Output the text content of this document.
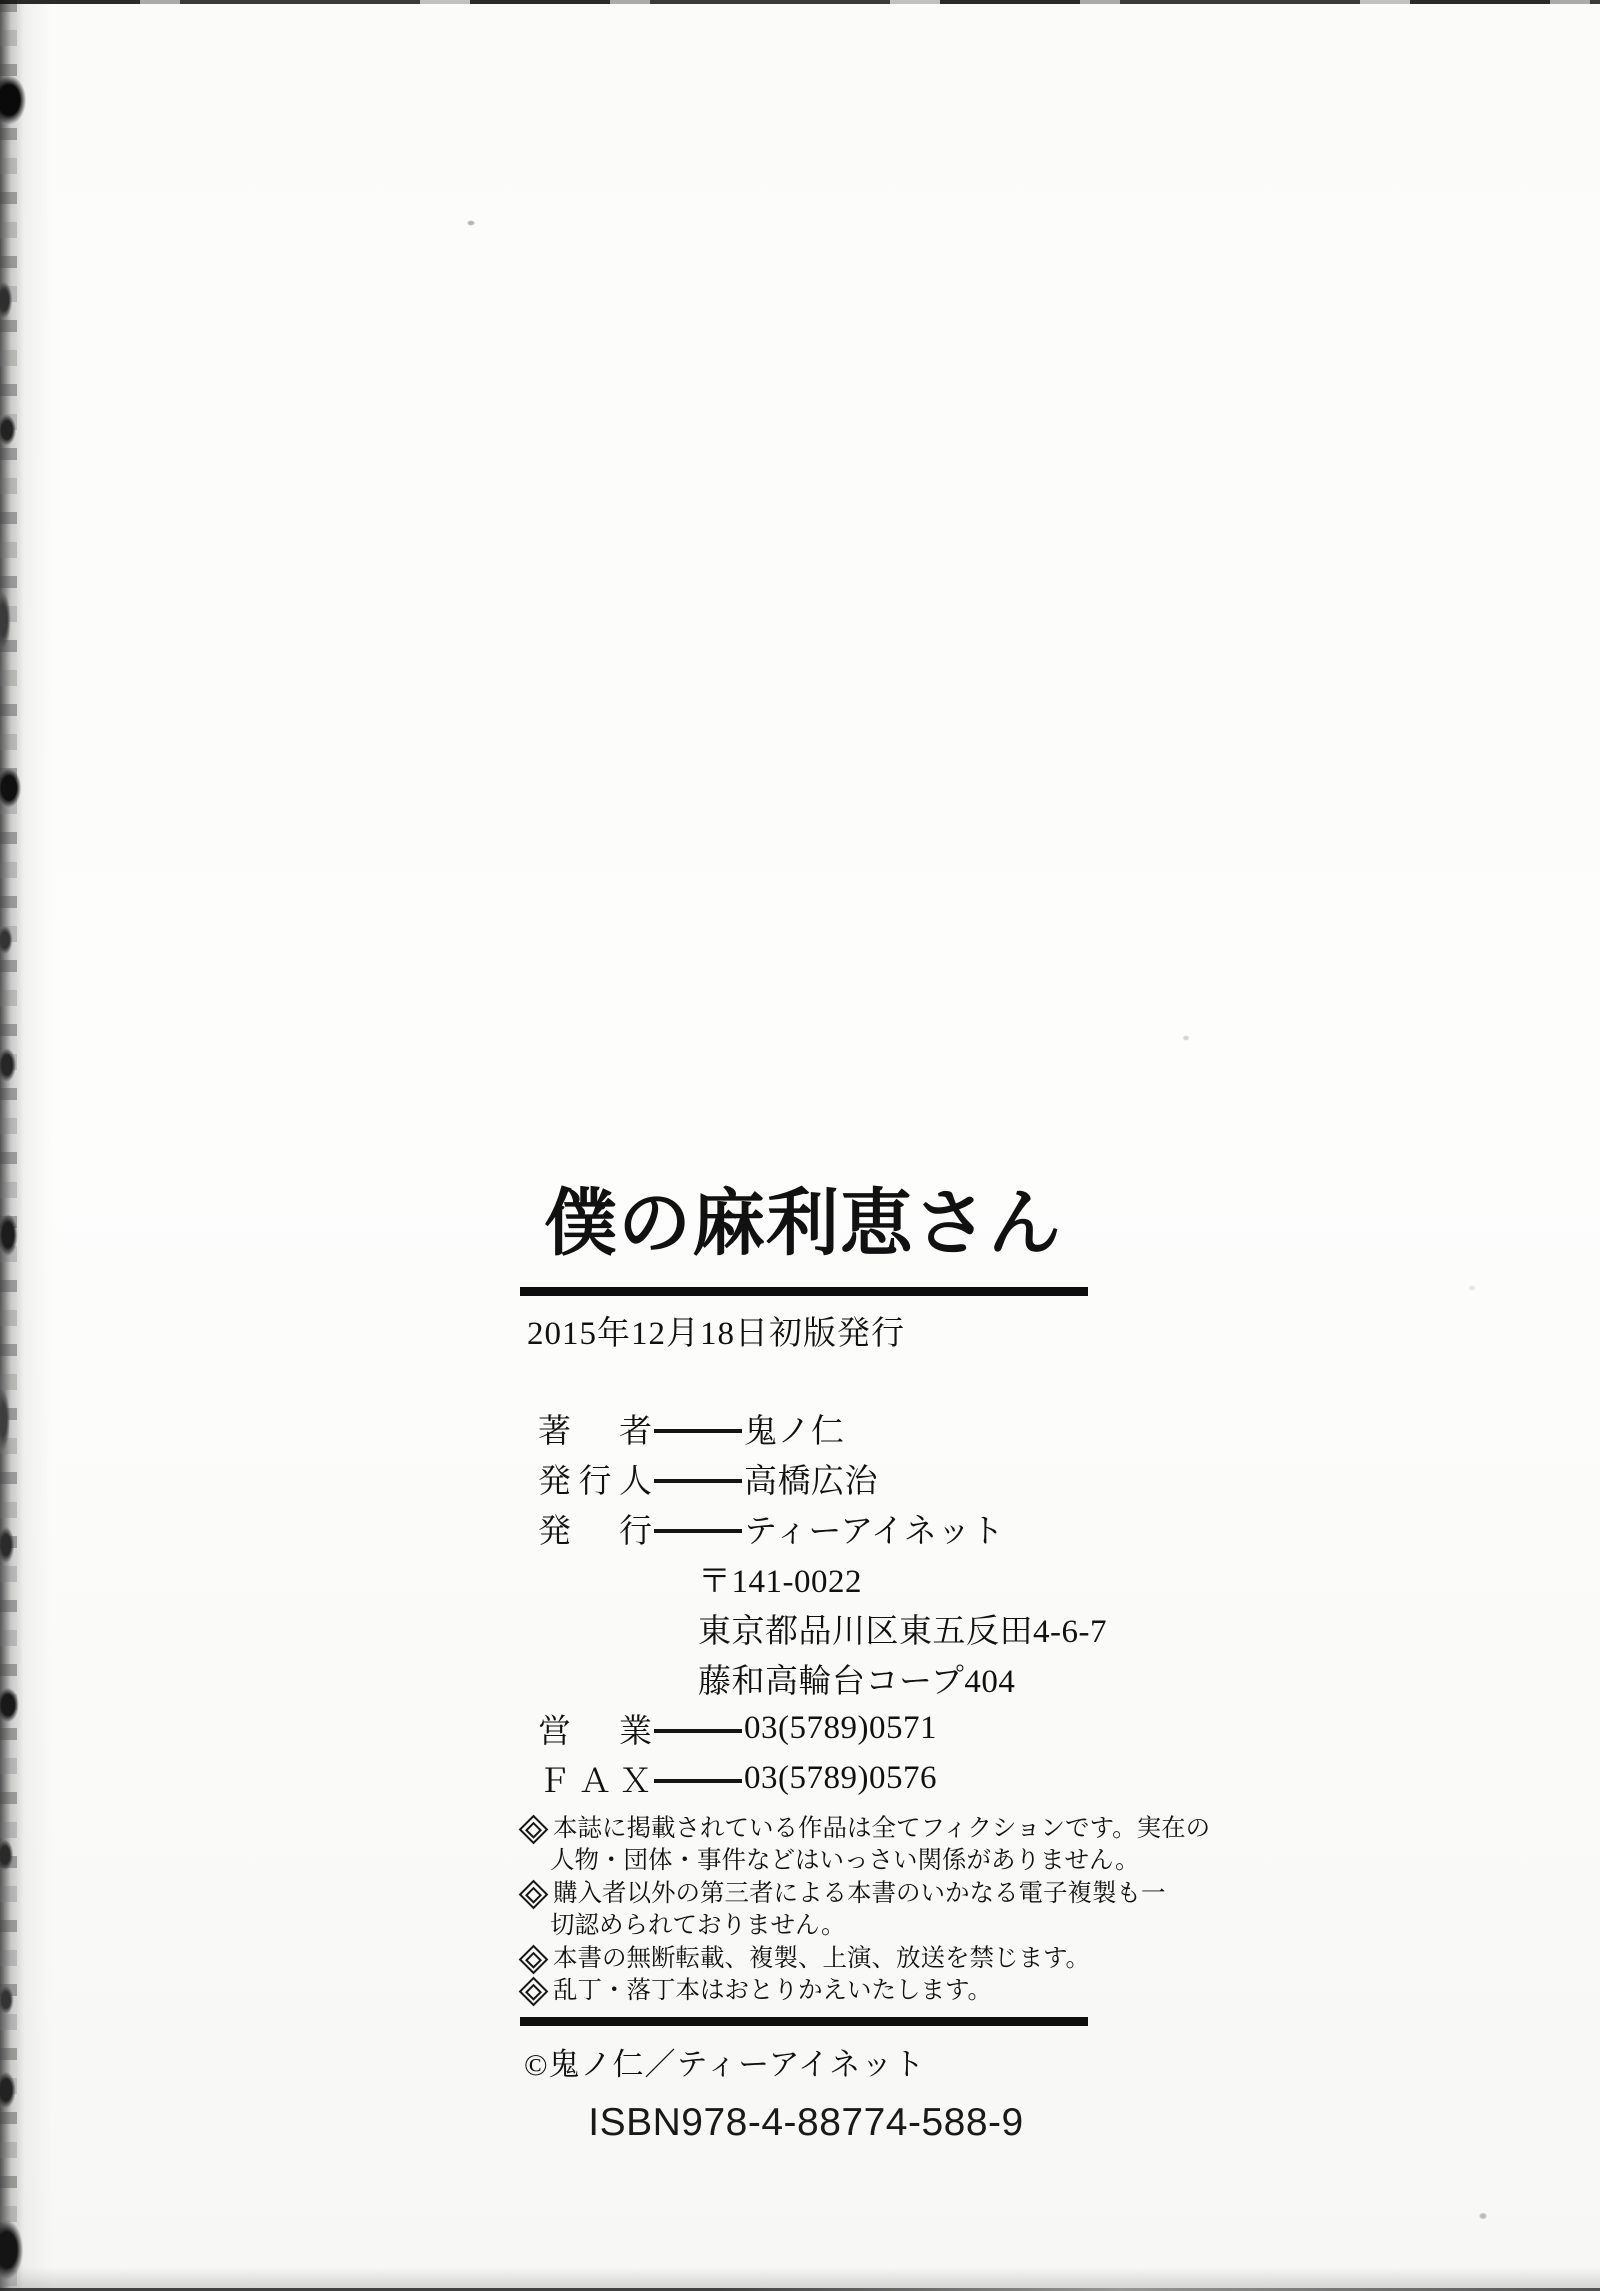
僕の麻利恵さん
2015年12月18日初版発行
著　者	鬼ノ仁
発行人	高橋広治
発　行	ティーアイネット
〒141-0022
東京都品川区東五反田4-6-7
藤和高輪台コープ404
営　業	03(5789)0571
ＦＡＸ	03(5789)0576
本誌に掲載されている作品は全てフィクションです。実在の
人物・団体・事件などはいっさい関係がありません。
購入者以外の第三者による本書のいかなる電子複製も一
切認められておりません。
本書の無断転載、複製、上演、放送を禁じます。
乱丁・落丁本はおとりかえいたします。
©鬼ノ仁／ティーアイネット
ISBN978-4-88774-588-9
